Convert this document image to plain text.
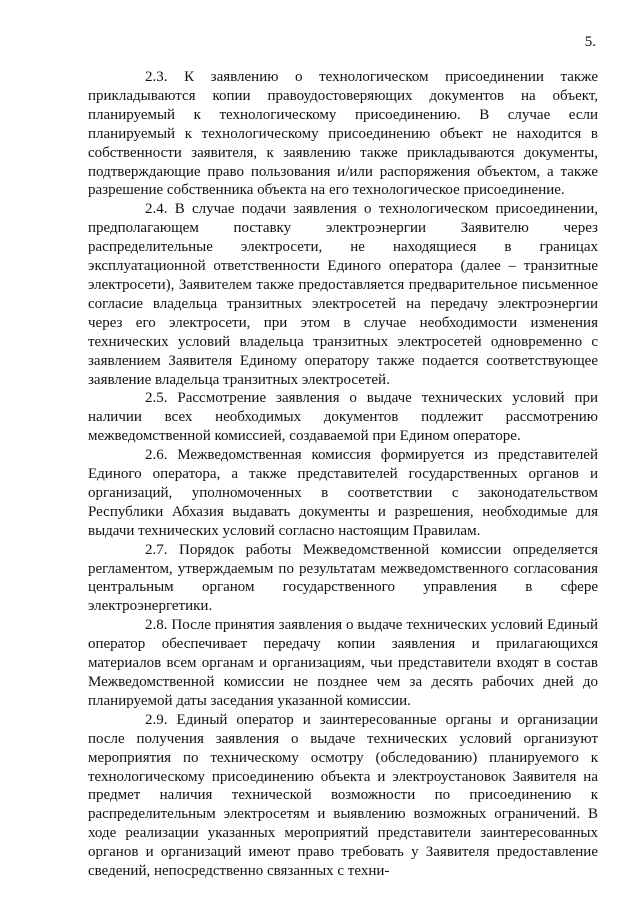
5.

2.3. К заявлению о технологическом присоединении также прикладываются копии правоудостоверяющих документов на объект, планируемый к технологическому присоединению. В случае если планируемый к технологическому присоединению объект не находится в собственности заявителя, к заявлению также прикладываются документы, подтверждающие право пользования и/или распоряжения объектом, а также разрешение собственника объекта на его технологическое присоединение.

2.4. В случае подачи заявления о технологическом присоединении, предполагающем поставку электроэнергии Заявителю через распределительные электросети, не находящиеся в границах эксплуатационной ответственности Единого оператора (далее – транзитные электросети), Заявителем также предоставляется предварительное письменное согласие владельца транзитных электросетей на передачу электроэнергии через его электросети, при этом в случае необходимости изменения технических условий владельца транзитных электросетей одновременно с заявлением Заявителя Единому оператору также подается соответствующее заявление владельца транзитных электросетей.

2.5. Рассмотрение заявления о выдаче технических условий при наличии всех необходимых документов подлежит рассмотрению межведомственной комиссией, создаваемой при Едином операторе.

2.6. Межведомственная комиссия формируется из представителей Единого оператора, а также представителей государственных органов и организаций, уполномоченных в соответствии с законодательством Республики Абхазия выдавать документы и разрешения, необходимые для выдачи технических условий согласно настоящим Правилам.

2.7. Порядок работы Межведомственной комиссии определяется регламентом, утверждаемым по результатам межведомственного согласования центральным органом государственного управления в сфере электроэнергетики.

2.8. После принятия заявления о выдаче технических условий Единый оператор обеспечивает передачу копии заявления и прилагающихся материалов всем органам и организациям, чьи представители входят в состав Межведомственной комиссии не позднее чем за десять рабочих дней до планируемой даты заседания указанной комиссии.

2.9. Единый оператор и заинтересованные органы и организации после получения заявления о выдаче технических условий организуют мероприятия по техническому осмотру (обследованию) планируемого к технологическому присоединению объекта и электроустановок Заявителя на предмет наличия технической возможности по присоединению к распределительным электросетям и выявлению возможных ограничений. В ходе реализации указанных мероприятий представители заинтересованных органов и организаций имеют право требовать у Заявителя предоставление сведений, непосредственно связанных с техни-
